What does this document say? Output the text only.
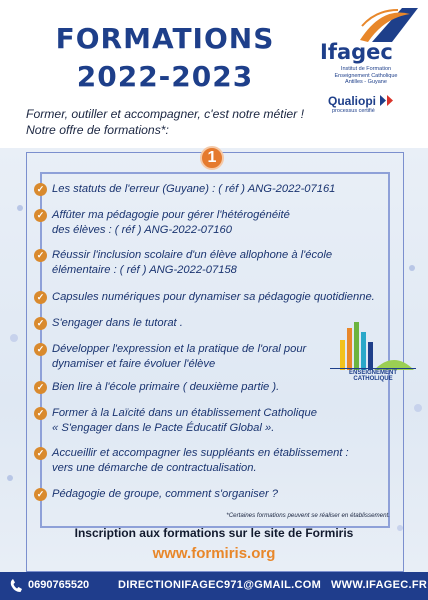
FORMATIONS
2022-2023
Ifagec
Institut de Formation
Enseignement Catholique
Antilles - Guyane
Qualiopi
processus certifié
Former, outiller et accompagner, c'est notre métier !
Notre offre de formations*:
1
✓ Les statuts de l'erreur (Guyane) : ( réf ) ANG-2022-07161
✓ Affûter ma pédagogie pour gérer l'hétérogénéité
des élèves : ( réf ) ANG-2022-07160
✓ Réussir l'inclusion scolaire d'un élève allophone à l'école
élémentaire : ( réf ) ANG-2022-07158
✓ Capsules numériques pour dynamiser sa pédagogie quotidienne.
✓ S'engager dans le tutorat .
✓ Développer l'expression et la pratique de l'oral pour
dynamiser et faire évoluer l'élève
✓ Bien lire à l'école primaire ( deuxième partie ).
✓ Former à la Laïcité dans un établissement Catholique
« S'engager dans le Pacte Éducatif Global ».
✓ Accueillir et accompagner les suppléants en établissement :
vers une démarche de contractualisation.
✓ Pédagogie de groupe, comment s'organiser ?
ENSEIGNEMENT CATHOLIQUE
*Certaines formations peuvent se réaliser en établissement.
Inscription aux formations sur le site de Formiris
www.formiris.org
0690765520	DIRECTIONIFAGEC971@GMAIL.COM WWW.IFAGEC.FR
